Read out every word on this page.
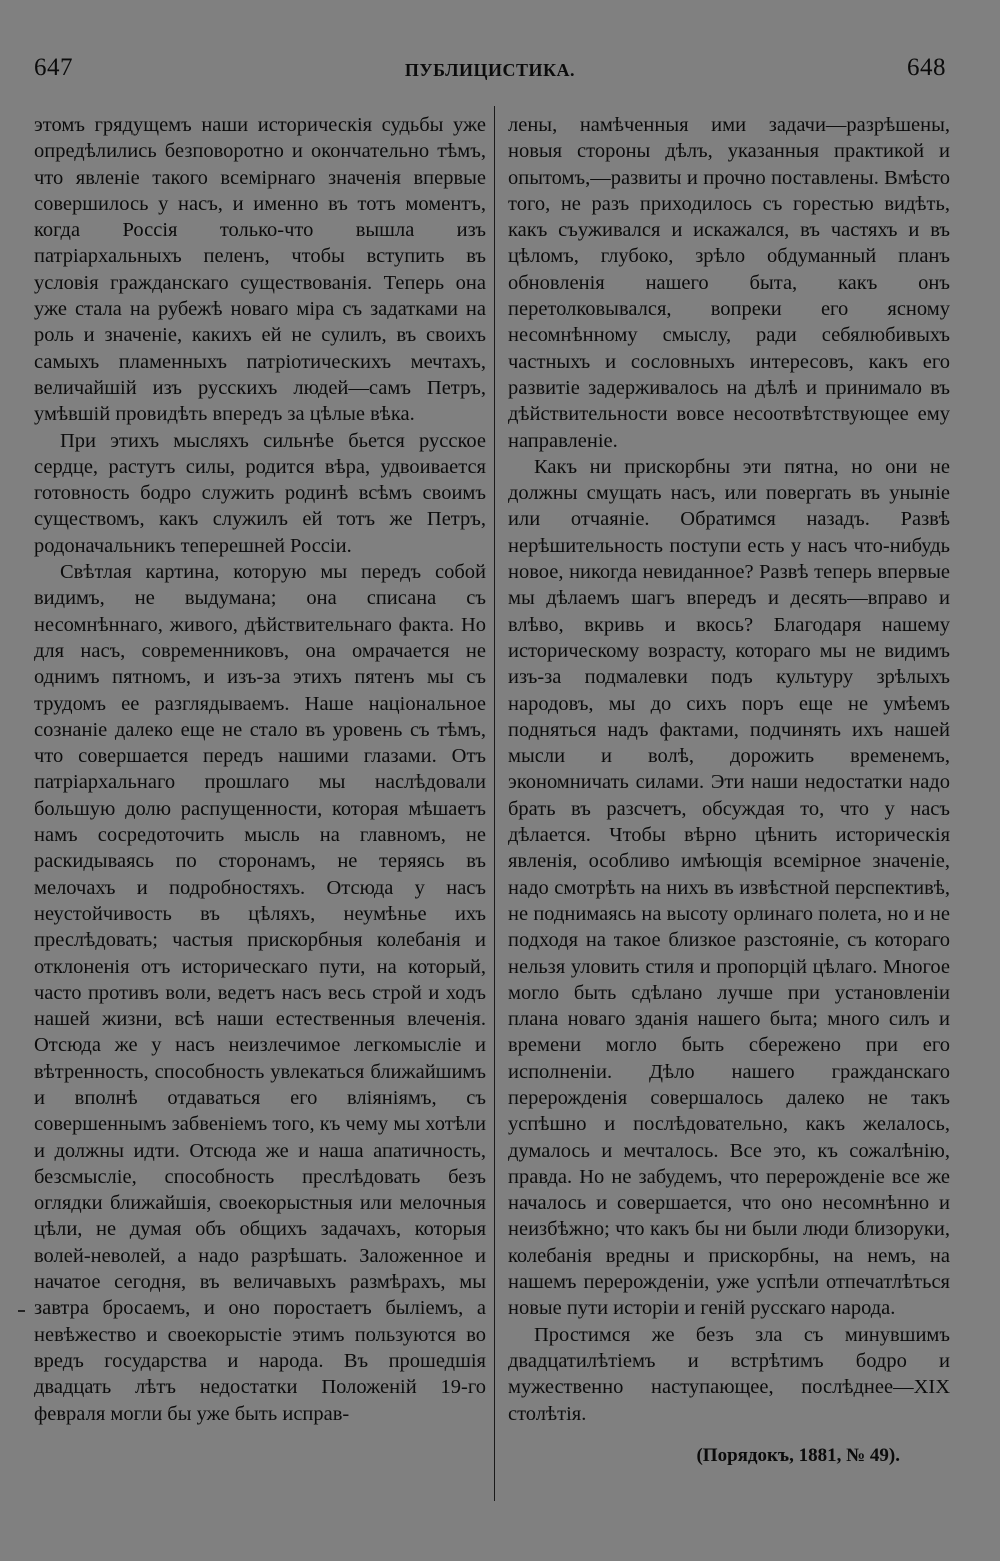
647	ПУБЛИЦИСТИКА.	648

этомъ грядущемъ наши историческія судьбы уже опредѣлились безповоротно и окончательно тѣмъ, что явленіе такого всемірнаго значенія впервые совершилось у насъ, и именно въ тотъ моментъ, когда Россія только-что вышла изъ патріархальныхъ пеленъ, чтобы вступить въ условія гражданскаго существованія. Теперь она уже стала на рубежѣ новаго міра съ задатками на роль и значеніе, какихъ ей не сулилъ, въ своихъ самыхъ пламенныхъ патріотическихъ мечтахъ, величайшій изъ русскихъ людей—самъ Петръ, умѣвшій провидѣть впередъ за цѣлые вѣка.

При этихъ мысляхъ сильнѣе бьется русское сердце, растутъ силы, родится вѣра, удвоивается готовность бодро служить родинѣ всѣмъ своимъ существомъ, какъ служилъ ей тотъ же Петръ, родоначальникъ теперешней Россіи.

Свѣтлая картина, которую мы передъ собой видимъ, не выдумана; она списана съ несомнѣннаго, живого, дѣйствительнаго факта. Но для насъ, современниковъ, она омрачается не однимъ пятномъ, и изъ-за этихъ пятенъ мы съ трудомъ ее разглядываемъ. Наше національное сознаніе далеко еще не стало въ уровень съ тѣмъ, что совершается передъ нашими глазами. Отъ патріархальнаго прошлаго мы наслѣдовали большую долю распущенности, которая мѣшаетъ намъ сосредоточить мысль на главномъ, не раскидываясь по сторонамъ, не теряясь въ мелочахъ и подробностяхъ. Отсюда у насъ неустойчивость въ цѣляхъ, неумѣнье ихъ преслѣдовать; частыя прискорбныя колебанія и отклоненія отъ историческаго пути, на который, часто противъ воли, ведетъ насъ весь строй и ходъ нашей жизни, всѣ наши естественныя влеченія. Отсюда же у насъ неизлечимое легкомысліе и вѣтренность, способность увлекаться ближайшимъ и вполнѣ отдаваться его вліяніямъ, съ совершеннымъ забвеніемъ того, къ чему мы хотѣли и должны идти. Отсюда же и наша апатичность, безсмысліе, способность преслѣдовать безъ оглядки ближайшія, своекорыстныя или мелочныя цѣли, не думая объ общихъ задачахъ, которыя волей-неволей, а надо разрѣшать. Заложенное и начатое сегодня, въ величавыхъ размѣрахъ, мы завтра бросаемъ, и оно поростаетъ быліемъ, а невѣжество и своекорыстіе этимъ пользуются во вредъ государства и народа. Въ прошедшія двадцать лѣтъ недостатки Положеній 19-го февраля могли бы уже быть исправ-

лены, намѣченныя ими задачи—разрѣшены, новыя стороны дѣлъ, указанныя практикой и опытомъ,—развиты и прочно поставлены. Вмѣсто того, не разъ приходилось съ горестью видѣть, какъ съуживался и искажался, въ частяхъ и въ цѣломъ, глубоко, зрѣло обдуманный планъ обновленія нашего быта, какъ онъ перетолковывался, вопреки его ясному несомнѣнному смыслу, ради себялюбивыхъ частныхъ и сословныхъ интересовъ, какъ его развитіе задерживалось на дѣлѣ и принимало въ дѣйствительности вовсе несоотвѣтствующее ему направленіе.

Какъ ни прискорбны эти пятна, но они не должны смущать насъ, или повергать въ уныніе или отчаяніе. Обратимся назадъ. Развѣ нерѣшительность поступи есть у насъ что-нибудь новое, никогда невиданное? Развѣ теперь впервые мы дѣлаемъ шагъ впередъ и десять—вправо и влѣво, вкривь и вкось? Благодаря нашему историческому возрасту, котораго мы не видимъ изъ-за подмалевки подъ культуру зрѣлыхъ народовъ, мы до сихъ поръ еще не умѣемъ подняться надъ фактами, подчинять ихъ нашей мысли и волѣ, дорожить временемъ, экономничать силами. Эти наши недостатки надо брать въ разсчетъ, обсуждая то, что у насъ дѣлается. Чтобы вѣрно цѣнить историческія явленія, особливо имѣющія всемірное значеніе, надо смотрѣть на нихъ въ извѣстной перспективѣ, не поднимаясь на высоту орлинаго полета, но и не подходя на такое близкое разстояніе, съ котораго нельзя уловить стиля и пропорцій цѣлаго. Многое могло быть сдѣлано лучше при установленіи плана новаго зданія нашего быта; много силъ и времени могло быть сбережено при его исполненіи. Дѣло нашего гражданскаго перерожденія совершалось далеко не такъ успѣшно и послѣдовательно, какъ желалось, думалось и мечталось. Все это, къ сожалѣнію, правда. Но не забудемъ, что перерожденіе все же началось и совершается, что оно несомнѣнно и неизбѣжно; что какъ бы ни были люди близоруки, колебанія вредны и прискорбны, на немъ, на нашемъ перерожденіи, уже успѣли отпечатлѣться новые пути исторіи и геній русскаго народа.

Простимся же безъ зла съ минувшимъ двадцатилѣтіемъ и встрѣтимъ бодро и мужественно наступающее, послѣднее—XIX столѣтія.

(Порядокъ, 1881, № 49).
